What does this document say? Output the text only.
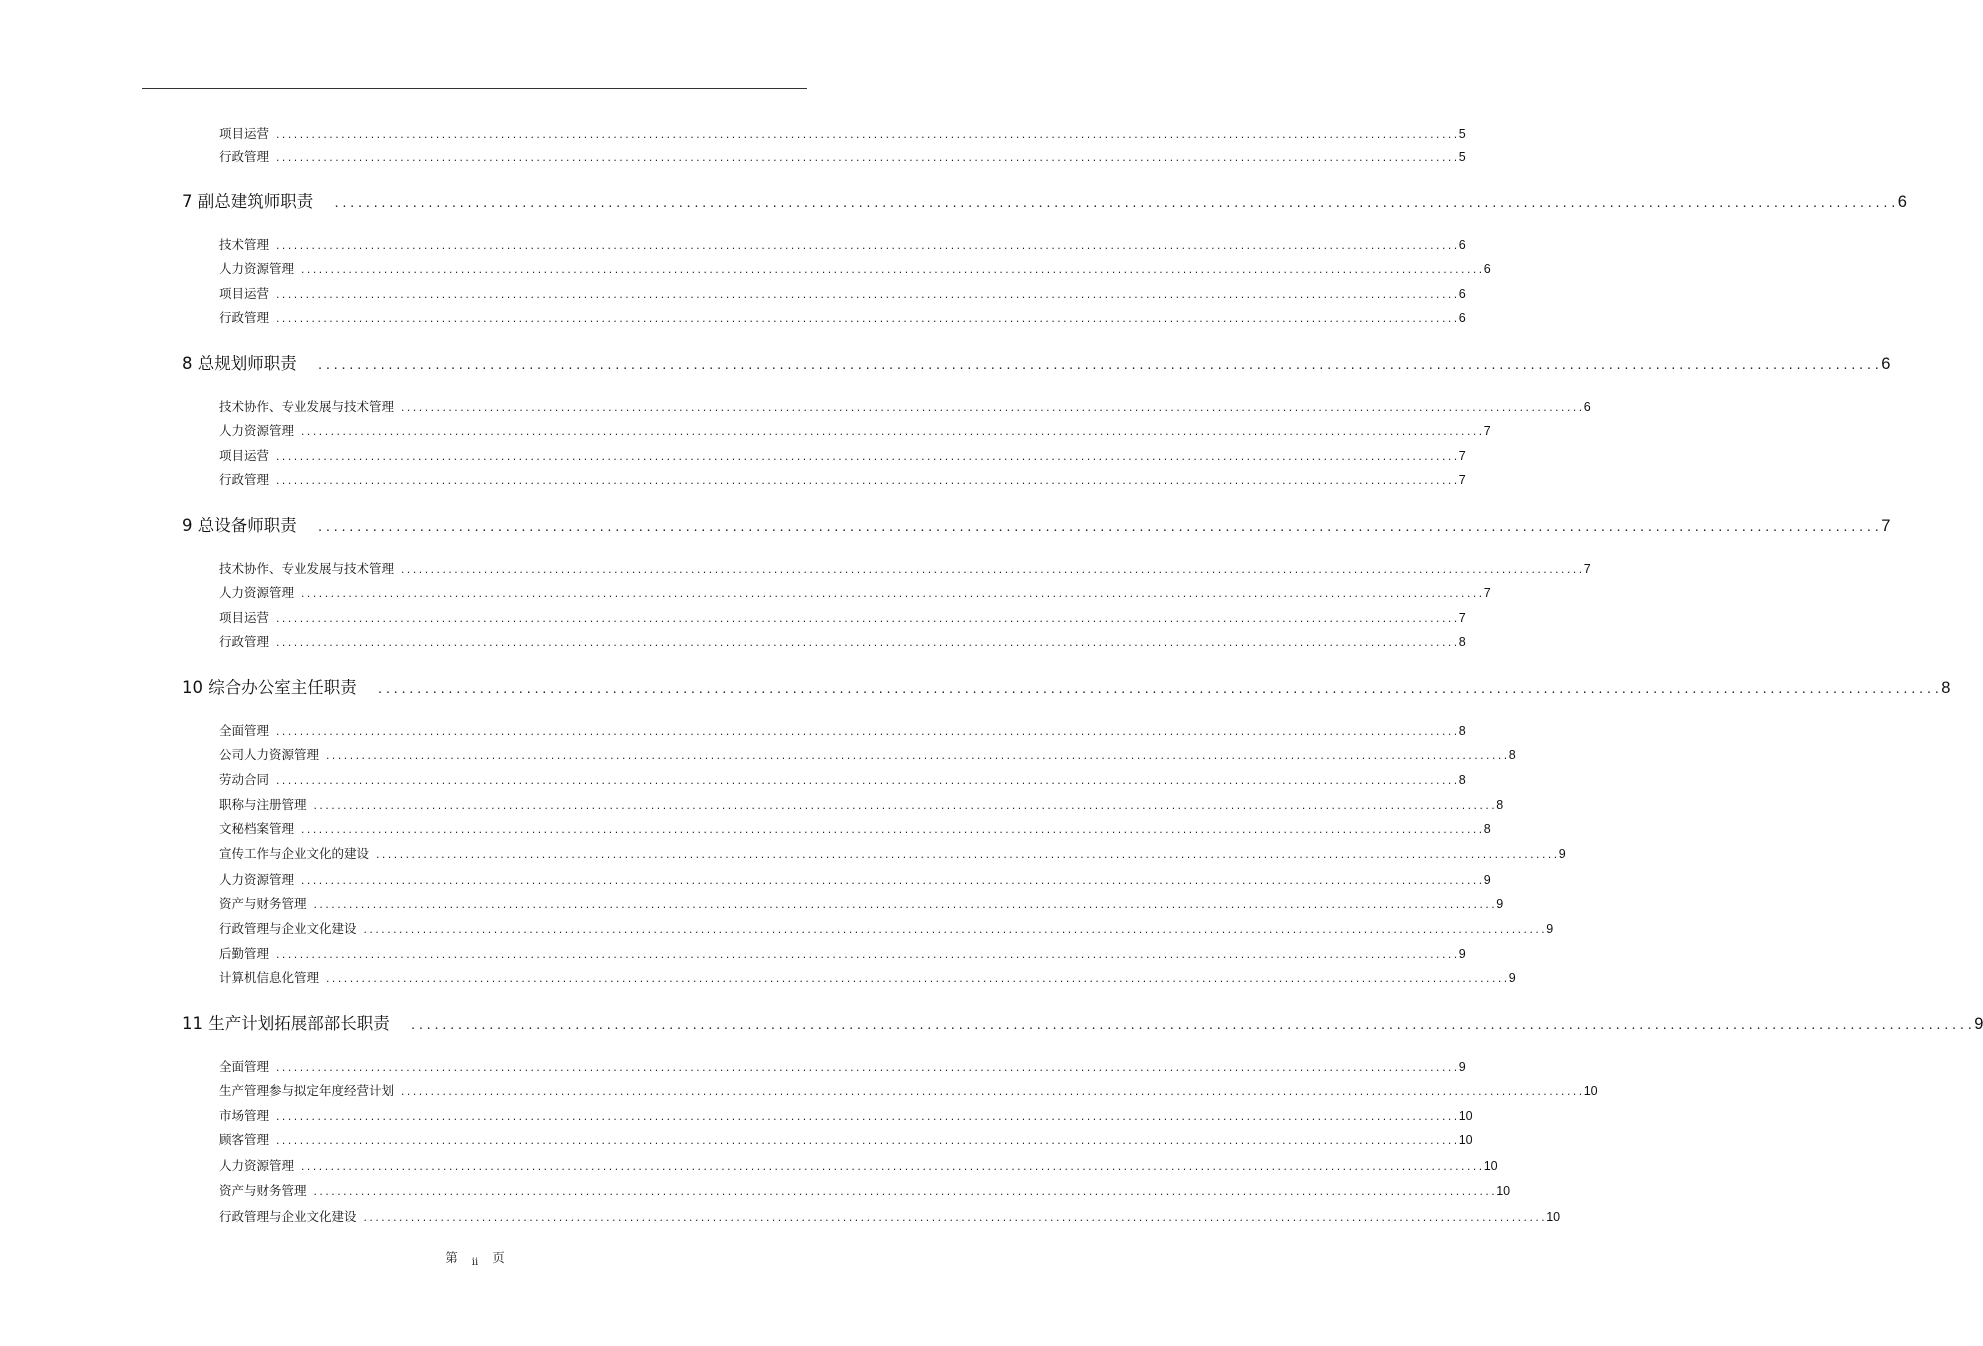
项目运营 ........................................................................................................................................................................................................ 5
行政管理 ........................................................................................................................................................................................................ 5
7 副总建筑师职责	........................................................................................................................................................................................................ 6
技术管理 ........................................................................................................................................................................................................ 6
人力资源管理 ........................................................................................................................................................................................................ 6
项目运营 ........................................................................................................................................................................................................ 6
行政管理 ........................................................................................................................................................................................................ 6
8 总规划师职责	........................................................................................................................................................................................................ 6
技术协作、专业发展与技术管理 ........................................................................................................................................................................................................ 6
人力资源管理 ........................................................................................................................................................................................................ 7
项目运营 ........................................................................................................................................................................................................ 7
行政管理 ........................................................................................................................................................................................................ 7
9 总设备师职责	........................................................................................................................................................................................................ 7
技术协作、专业发展与技术管理 ........................................................................................................................................................................................................ 7
人力资源管理 ........................................................................................................................................................................................................ 7
项目运营 ........................................................................................................................................................................................................ 7
行政管理 ........................................................................................................................................................................................................ 8
10 综合办公室主任职责	........................................................................................................................................................................................................ 8
全面管理 ........................................................................................................................................................................................................ 8
公司人力资源管理 ........................................................................................................................................................................................................ 8
劳动合同 ........................................................................................................................................................................................................ 8
职称与注册管理 ........................................................................................................................................................................................................ 8
文秘档案管理 ........................................................................................................................................................................................................ 8
宣传工作与企业文化的建设 ........................................................................................................................................................................................................ 9
人力资源管理 ........................................................................................................................................................................................................ 9
资产与财务管理 ........................................................................................................................................................................................................ 9
行政管理与企业文化建设 ........................................................................................................................................................................................................ 9
后勤管理 ........................................................................................................................................................................................................ 9
计算机信息化管理 ........................................................................................................................................................................................................ 9
11 生产计划拓展部部长职责	........................................................................................................................................................................................................ 9
全面管理 ........................................................................................................................................................................................................ 9
生产管理参与拟定年度经营计划 ........................................................................................................................................................................................................ 10
市场管理 ........................................................................................................................................................................................................ 10
顾客管理 ........................................................................................................................................................................................................ 10
人力资源管理 ........................................................................................................................................................................................................ 10
资产与财务管理 ........................................................................................................................................................................................................ 10
行政管理与企业文化建设 ........................................................................................................................................................................................................ 10
第 $_{ii}$ 页
